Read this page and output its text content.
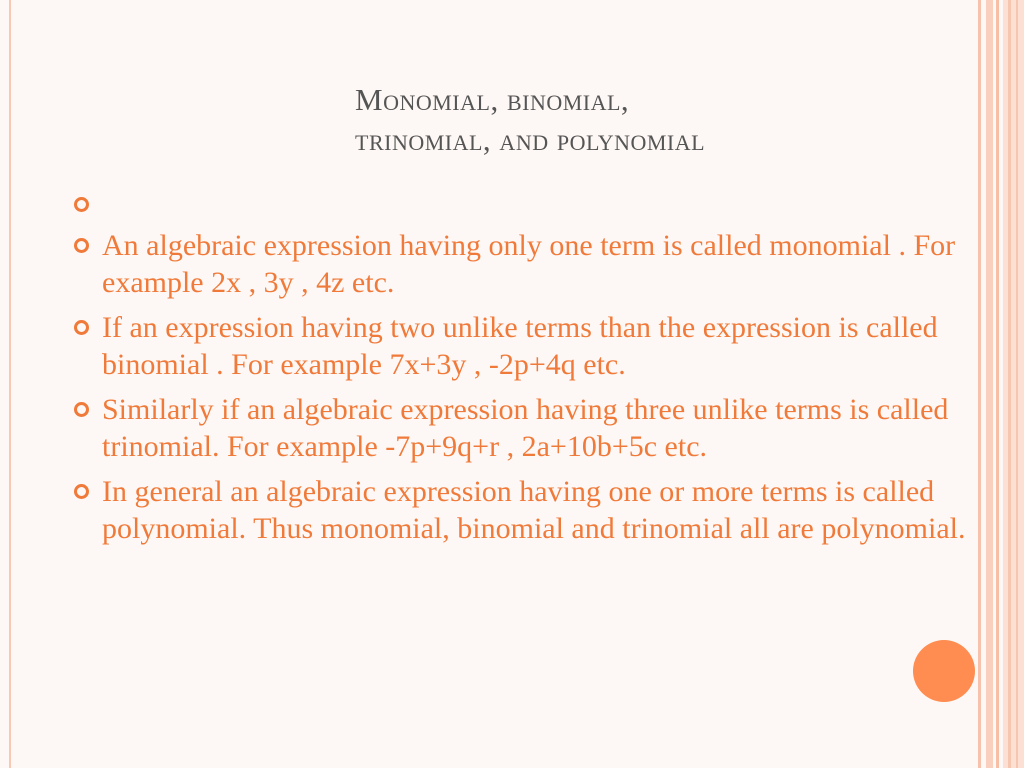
Monomial, binomial,
trinomial, and polynomial
An algebraic expression having only one term is called monomial . For example 2x , 3y , 4z etc.
If an expression having two unlike terms than the expression is called binomial . For example 7x+3y , -2p+4q etc.
Similarly if an algebraic expression having three unlike terms is called trinomial. For example -7p+9q+r , 2a+10b+5c etc.
In general an algebraic expression having one or more terms is called polynomial. Thus monomial, binomial and trinomial all are polynomial.
